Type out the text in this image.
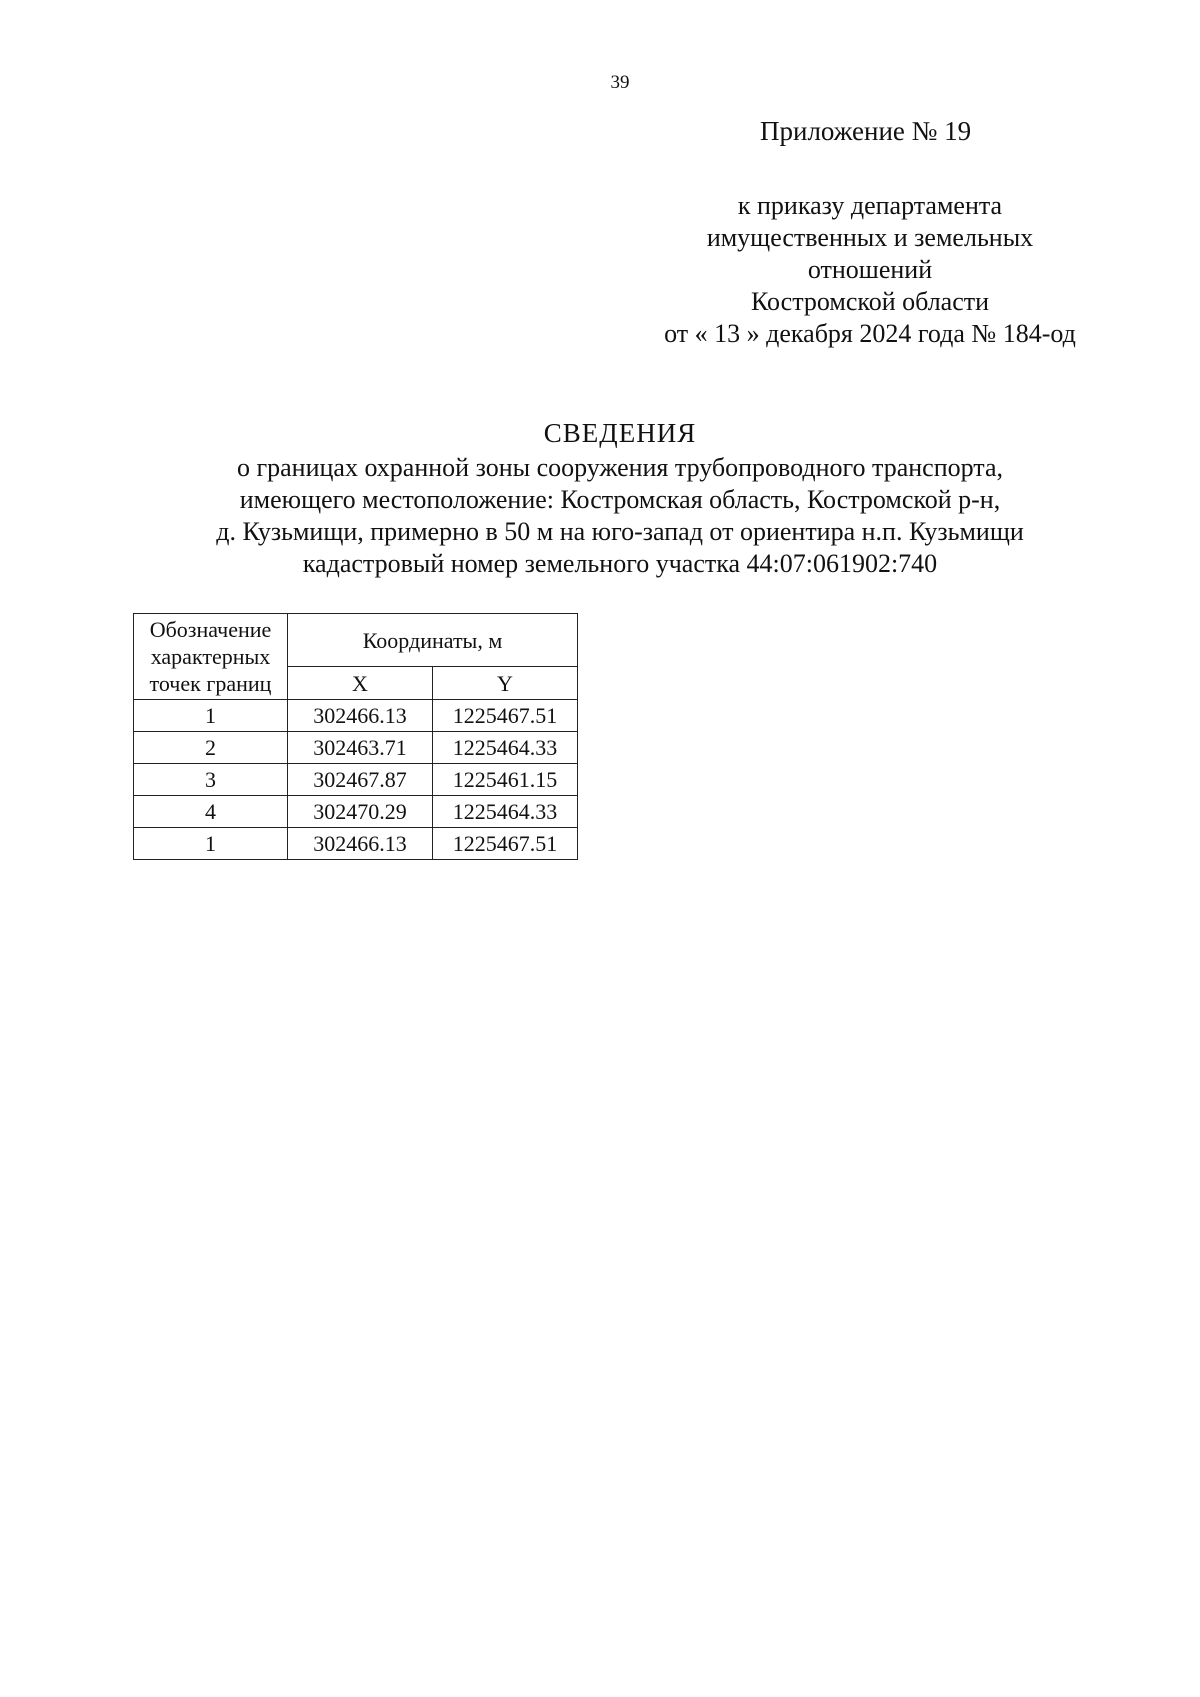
39
Приложение № 19
к приказу департамента
имущественных и земельных
отношений
Костромской области
от « 13 » декабря 2024 года № 184-од
СВЕДЕНИЯ
о границах охранной зоны сооружения трубопроводного транспорта,
имеющего местоположение: Костромская область, Костромской р-н,
д. Кузьмищи, примерно в 50 м на юго-запад от ориентира н.п. Кузьмищи
кадастровый номер земельного участка 44:07:061902:740
Обозначение
характерных
точек границ	Координаты, м	
	X	Y
1	302466.13	1225467.51
2	302463.71	1225464.33
3	302467.87	1225461.15
4	302470.29	1225464.33
1	302466.13	1225467.51
